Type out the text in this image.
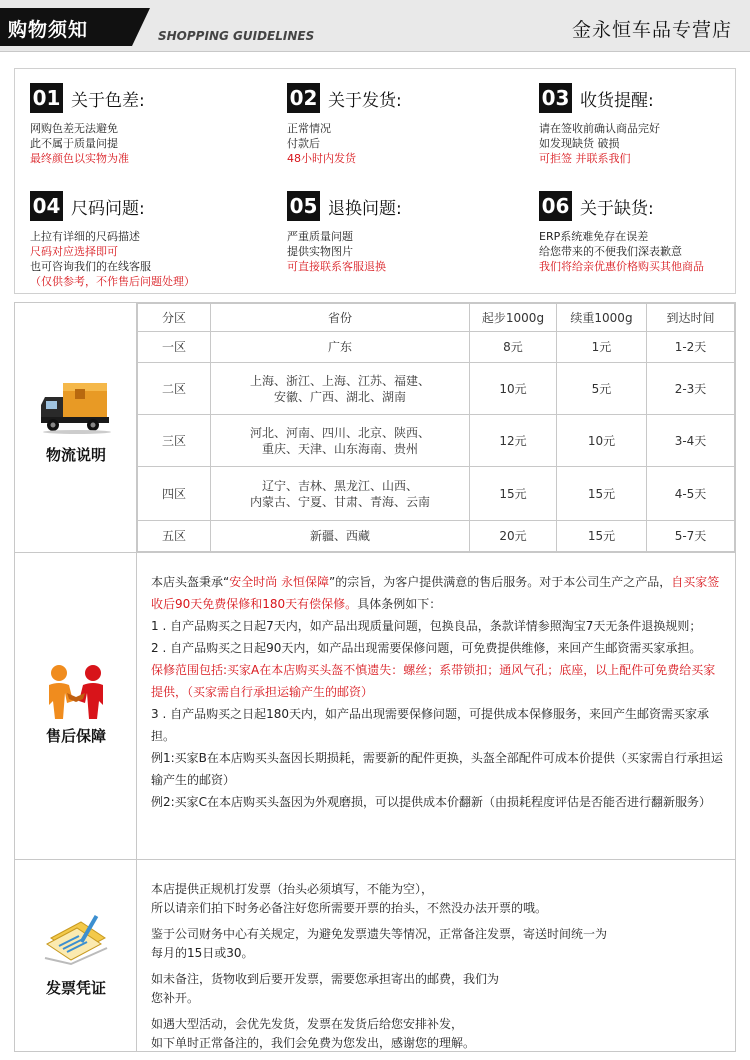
购物须知	SHOPPING GUIDELINES	金永恒车品专营店
01 关于色差:
网购色差无法避免
此不属于质量问提
最终颜色以实物为准
02 关于发货:
正常情况
付款后
48小时内发货
03 收货提醒:
请在签收前确认商品完好
如发现缺货 破损
可拒签 并联系我们
04 尺码问题:
上拉有详细的尺码描述
尺码对应选择即可
也可咨询我们的在线客服
（仅供参考，不作售后问题处理）
05 退换问题:
严重质量问题
提供实物图片
可直接联系客服退换
06 关于缺货:
ERP系统难免存在误差
给您带来的不便我们深表歉意
我们将给亲优惠价格购买其他商品
物流说明
分区	省份	起步1000g	续重1000g	到达时间
一区	广东	8元	1元	1-2天
二区	上海、浙江、上海、江苏、福建、
安徽、广西、湖北、湖南	10元	5元	2-3天
三区	河北、河南、四川、北京、陕西、
重庆、天津、山东海南、贵州	12元	10元	3-4天
四区	辽宁、吉林、黑龙江、山西、
内蒙古、宁夏、甘肃、青海、云南	15元	15元	4-5天
五区	新疆、西藏	20元	15元	5-7天
售后保障

本店头盔秉承“安全时尚 永恒保障”的宗旨，为客户提供满意的售后服务。对于本公司生产之产品，自买家签收后90天免费保修和180天有偿保修。具体条例如下：

1 . 自产品购买之日起7天内，如产品出现质量问题，包换良品，条款详情参照淘宝7天无条件退换规则；

2 . 自产品购买之日起90天内，如产品出现需要保修问题，可免费提供维修，来回产生邮资需买家承担。

保修范围包括:买家A在本店购买头盔不慎遗失：螺丝；系带锁扣；通风气孔；底座，以上配件可免费给买家提供，（买家需自行承担运输产生的邮资）

3 . 自产品购买之日起180天内，如产品出现需要保修问题，可提供成本保修服务，来回产生邮资需买家承担。

例1:买家B在本店购买头盔因长期损耗，需要新的配件更换，头盔全部配件可成本价提供（买家需自行承担运输产生的邮资）

例2:买家C在本店购买头盔因为外观磨损，可以提供成本价翻新（由损耗程度评估是否能否进行翻新服务）

发票凭证

本店提供正规机打发票（抬头必须填写，不能为空），

所以请亲们拍下时务必备注好您所需要开票的抬头，不然没办法开票的哦。

鉴于公司财务中心有关规定，为避免发票遗失等情况，正常备注发票，寄送时间统一为

每月的15日或30。

如未备注，货物收到后要开发票，需要您承担寄出的邮费，我们为

您补开。

如遇大型活动，会优先发货，发票在发货后给您安排补发，

如下单时正常备注的，我们会免费为您发出，感谢您的理解。
